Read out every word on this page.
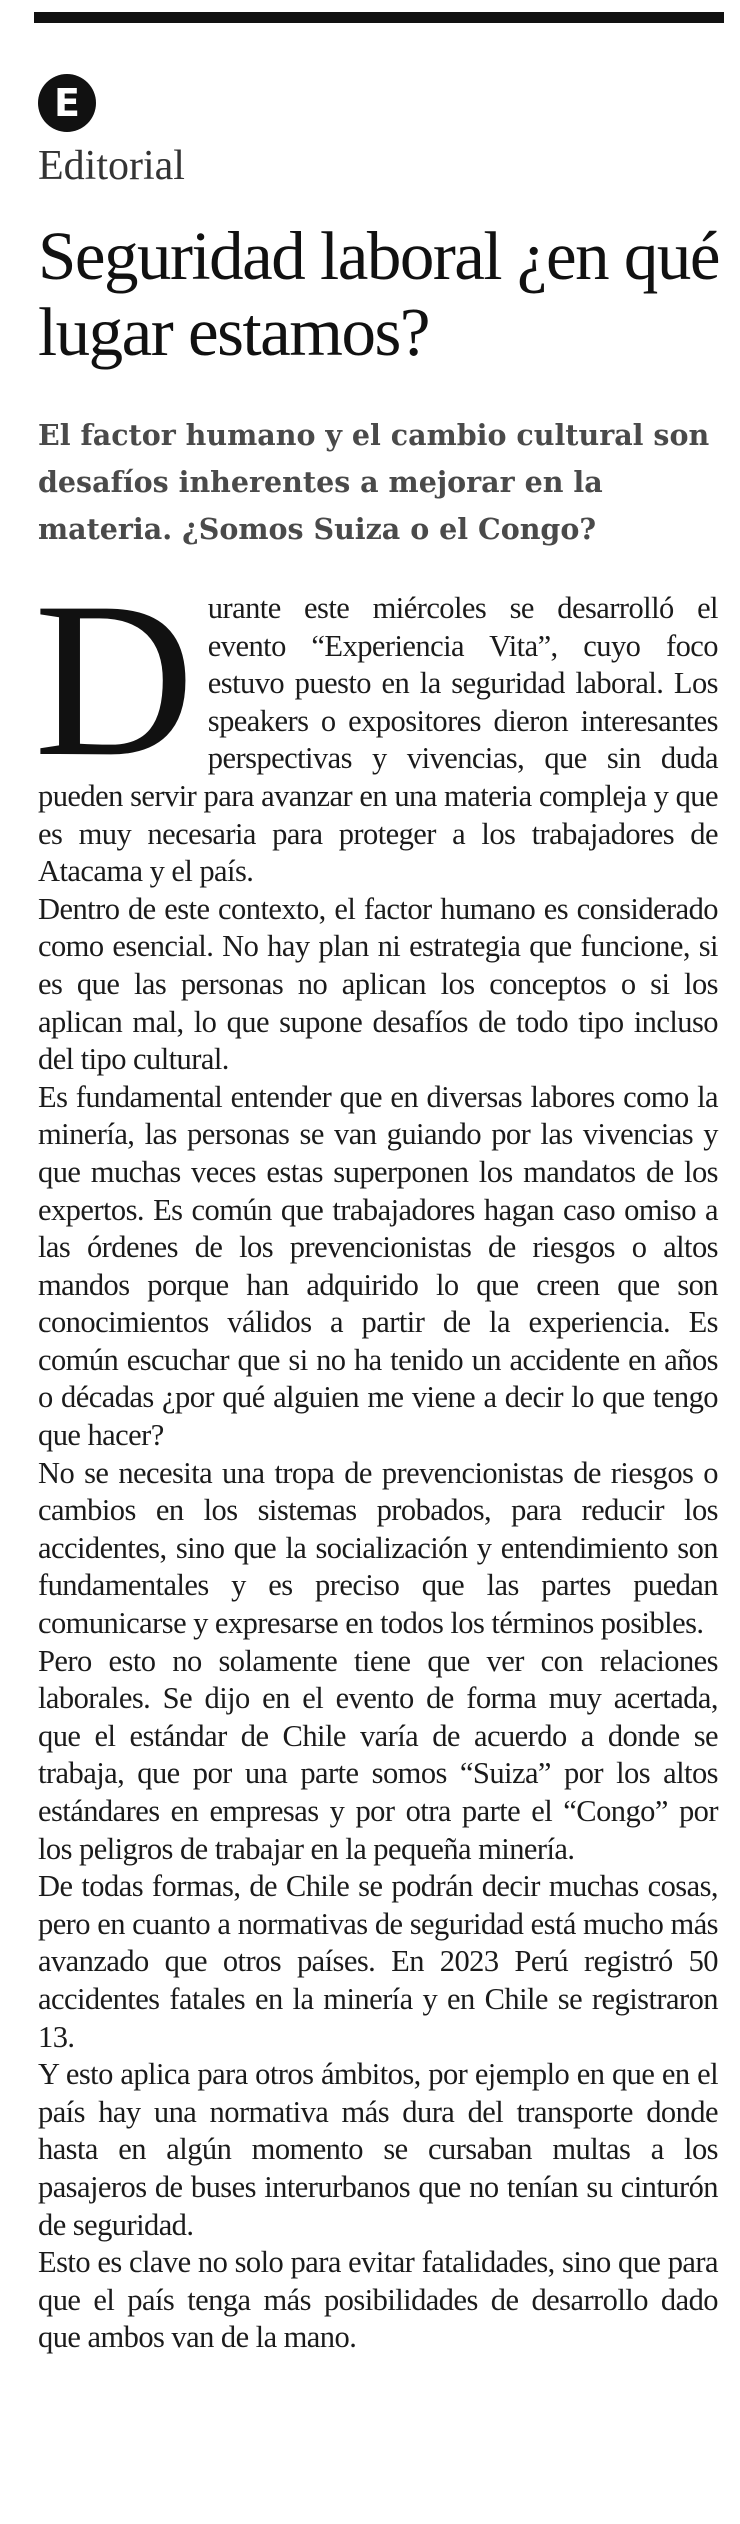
E
Editorial
Seguridad laboral ¿en qué lugar estamos?

El factor humano y el cambio cultural son desafíos inherentes a mejorar en la materia. ¿Somos Suiza o el Congo?

Durante este miércoles se desarrolló el evento “Experiencia Vita”, cuyo foco estuvo puesto en la seguridad laboral. Los speakers o expositores dieron interesantes perspectivas y vivencias, que sin duda pueden servir para avanzar en una materia compleja y que es muy necesaria para proteger a los trabajadores de Atacama y el país.

Dentro de este contexto, el factor humano es considerado como esencial. No hay plan ni estrategia que funcione, si es que las personas no aplican los conceptos o si los aplican mal, lo que supone desafíos de todo tipo incluso del tipo cultural.

Es fundamental entender que en diversas labores como la minería, las personas se van guiando por las vivencias y que muchas veces estas superponen los mandatos de los expertos. Es común que trabajadores hagan caso omiso a las órdenes de los prevencionistas de riesgos o altos mandos porque han adquirido lo que creen que son conocimientos válidos a partir de la experiencia. Es común escuchar que si no ha tenido un accidente en años o décadas ¿por qué alguien me viene a decir lo que tengo que hacer?

No se necesita una tropa de prevencionistas de riesgos o cambios en los sistemas probados, para reducir los accidentes, sino que la socialización y entendimiento son fundamentales y es preciso que las partes puedan comunicarse y expresarse en todos los términos posibles.

Pero esto no solamente tiene que ver con relaciones laborales. Se dijo en el evento de forma muy acertada, que el estándar de Chile varía de acuerdo a donde se trabaja, que por una parte somos “Suiza” por los altos estándares en empresas y por otra parte el “Congo” por los peligros de trabajar en la pequeña minería.

De todas formas, de Chile se podrán decir muchas cosas, pero en cuanto a normativas de seguridad está mucho más avanzado que otros países. En 2023 Perú registró 50 accidentes fatales en la minería y en Chile se registraron 13.

Y esto aplica para otros ámbitos, por ejemplo en que en el país hay una normativa más dura del transporte donde hasta en algún momento se cursaban multas a los pasajeros de buses interurbanos que no tenían su cinturón de seguridad.

Esto es clave no solo para evitar fatalidades, sino que para que el país tenga más posibilidades de desarrollo dado que ambos van de la mano.
